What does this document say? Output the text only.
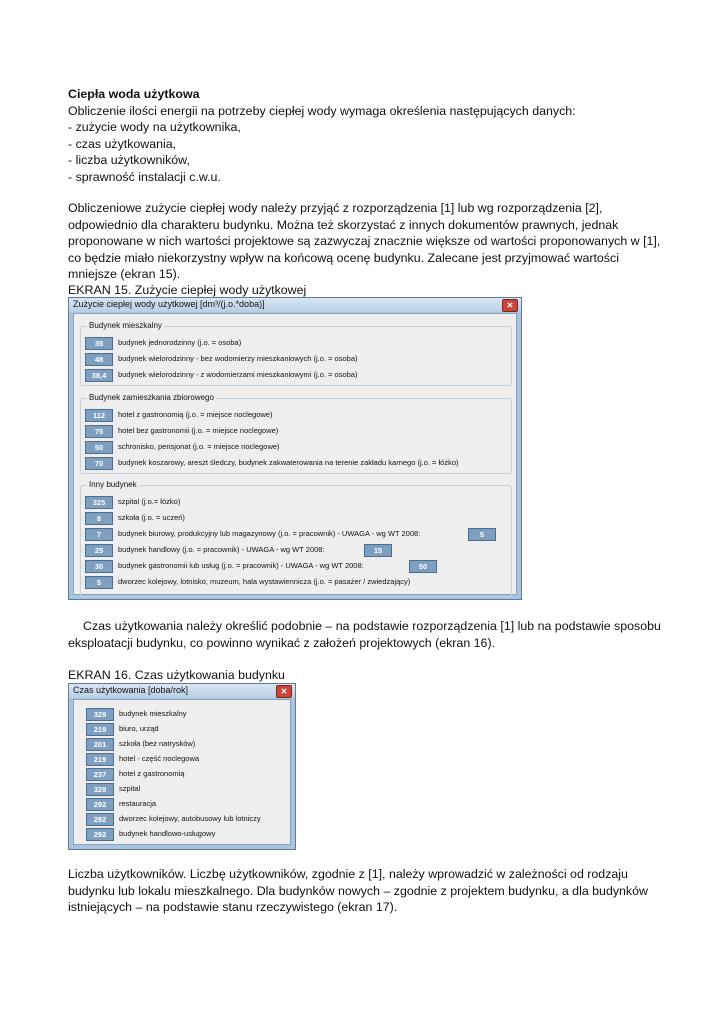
Ciepła woda użytkowa

Obliczenie ilości energii na potrzeby ciepłej wody wymaga określenia następujących danych:

- zużycie wody na użytkownika,

- czas użytkowania,

- liczba użytkowników,

- sprawność instalacji c.w.u.

Obliczeniowe zużycie ciepłej wody należy przyjąć z rozporządzenia [1] lub wg rozporządzenia [2], odpowiednio dla charakteru budynku. Można też skorzystać z innych dokumentów prawnych, jednak proponowane w nich wartości projektowe są zazwyczaj znacznie większe od wartości proponowanych w [1], co będzie miało niekorzystny wpływ na końcową ocenę budynku. Zalecane jest przyjmować wartości mniejsze (ekran 15).

EKRAN 15. Zużycie ciepłej wody użytkowej

Zużycie ciepłej wody użytkowej [dm³/(j.o.*doba)]	✕
Budynek mieszkalny
35	budynek jednorodzinny (j.o. = osoba)
48	budynek wielorodzinny - bez wodomierzy mieszkaniowych (j.o. = osoba)
38,4	budynek wielorodzinny - z wodomierzami mieszkaniowymi (j.o. = osoba)
Budynek zamieszkania zbiorowego
112	hotel z gastronomią (j.o. = miejsce noclegowe)
75	hotel bez gastronomii (j.o. = miejsce noclegowe)
50	schronisko, pensjonat (j.o. = miejsce noclegowe)
70	budynek koszarowy, areszt śledczy, budynek zakwaterowania na terenie zakładu karnego (j.o. = łóżko)
Inny budynek
325	szpital (j.o.= łóżko)
8	szkoła (j.o. = uczeń)
7	budynek biurowy, produkcyjny lub magazynowy (j.o. = pracownik) - UWAGA - wg WT 2008:	5
25	budynek handlowy (j.o. = pracownik) - UWAGA - wg WT 2008:	15
30	budynek gastronomii lub usług (j.o. = pracownik) - UWAGA - wg WT 2008:	50
5	dworzec kolejowy, lotnisko, muzeum, hala wystawiennicza (j.o. = pasażer / zwiedzający)

Czas użytkowania należy określić podobnie – na podstawie rozporządzenia [1] lub na podstawie sposobu eksploatacji budynku, co powinno wynikać z założeń projektowych (ekran 16).

EKRAN 16. Czas użytkowania budynku

Czas użytkowania [doba/rok]	✕
329	budynek mieszkalny
219	biuro, urząd
201	szkoła (bez natrysków)
219	hotel - część noclegowa
237	hotel z gastronomią
329	szpital
292	restauracja
292	dworzec kolejowy, autobusowy lub lotniczy
292	budynek handlowo-usługowy

Liczba użytkowników. Liczbę użytkowników, zgodnie z [1], należy wprowadzić w zależności od rodzaju budynku lub lokalu mieszkalnego. Dla budynków nowych – zgodnie z projektem budynku, a dla budynków istniejących – na podstawie stanu rzeczywistego (ekran 17).
